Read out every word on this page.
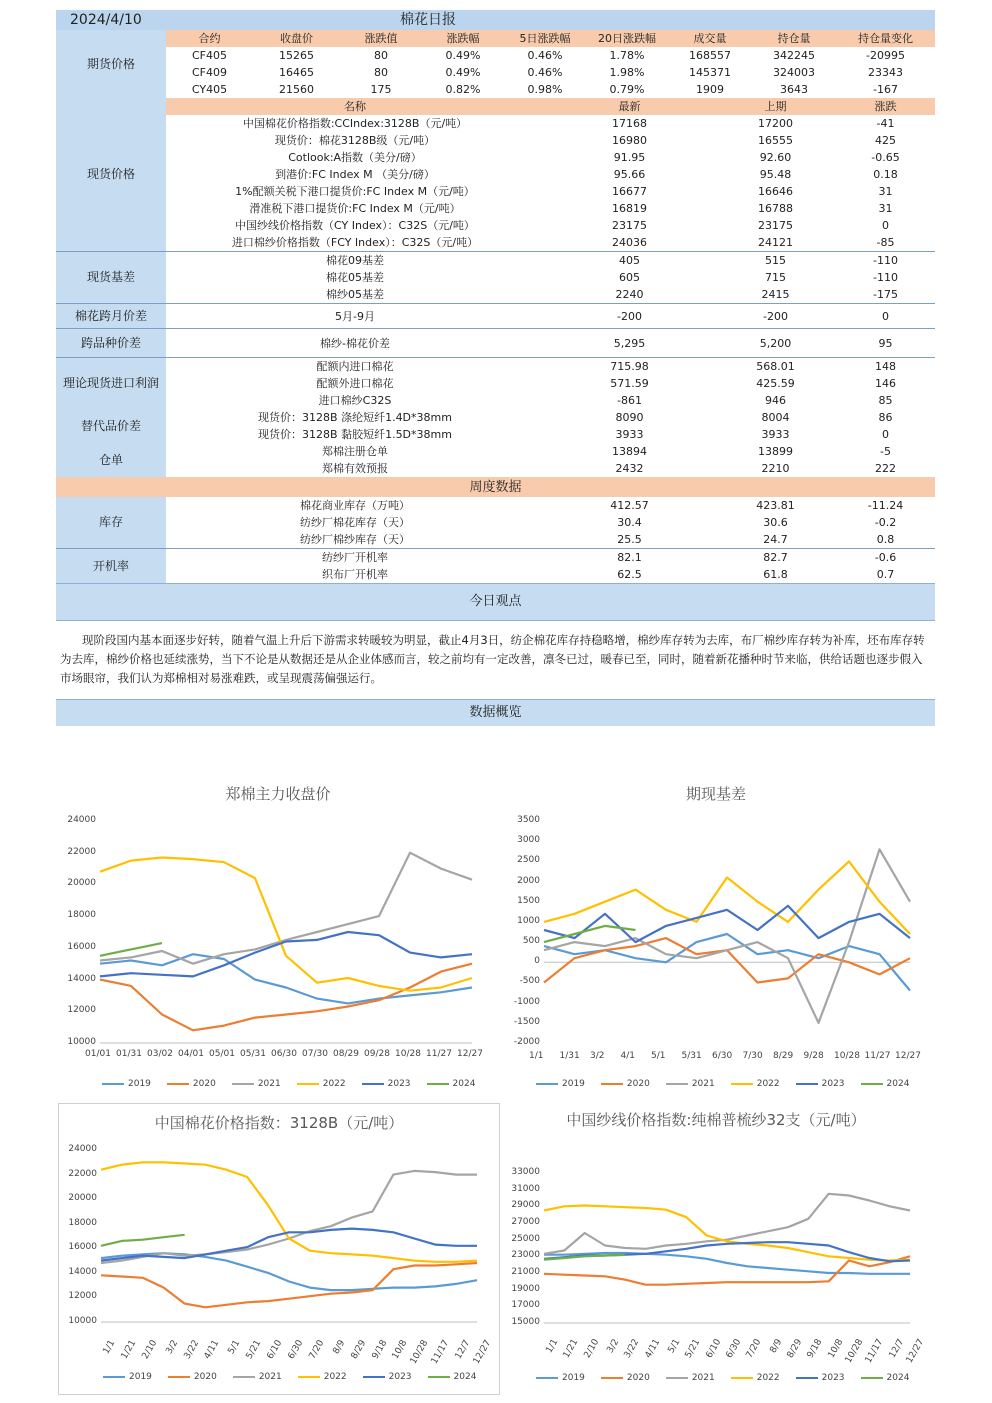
2024/4/10			棉花日报						
期货价格	合约	收盘价	涨跌值	涨跌幅	5日涨跌幅	20日涨跌幅	成交量	持仓量	持仓量变化
	CF405	15265	80	0.49%	0.46%	1.78%	168557	342245	-20995
	CF409	16465	80	0.49%	0.46%	1.98%	145371	324003	23343
	CY405	21560	175	0.82%	0.98%	0.79%	1909	3643	-167
现货价格	名称	最新	上期	涨跌
	中国棉花价格指数:CCIndex:3128B（元/吨）	17168	17200	-41
	现货价：棉花3128B级（元/吨）	16980	16555	425
	Cotlook:A指数（美分/磅）	91.95	92.60	-0.65
	到港价:FC Index M （美分/磅）	95.66	95.48	0.18
	1%配额关税下港口提货价:FC Index M（元/吨）	16677	16646	31
	滑准税下港口提货价:FC Index M（元/吨）	16819	16788	31
	中国纱线价格指数（CY Index）：C32S（元/吨）	23175	23175	0
	进口棉纱价格指数（FCY Index）：C32S（元/吨）	24036	24121	-85
现货基差	棉花09基差	405	515	-110
	棉花05基差	605	715	-110
	棉纱05基差	2240	2415	-175
棉花跨月价差	5月-9月	-200	-200	0
跨品种价差	棉纱-棉花价差	5,295	5,200	95
理论现货进口利润	配额内进口棉花	715.98	568.01	148
	配额外进口棉花	571.59	425.59	146
	进口棉纱C32S	-861	946	85
替代品价差	现货价：3128B 涤纶短纤1.4D*38mm	8090	8004	86
	现货价：3128B 黏胶短纤1.5D*38mm	3933	3933	0
仓单	郑棉注册仓单	13894	13899	-5
	郑棉有效预报	2432	2210	222
周度数据				
库存	棉花商业库存（万吨）	412.57	423.81	-11.24
	纺纱厂棉花库存（天）	30.4	30.6	-0.2
	纺纱厂棉纱库存（天）	25.5	24.7	0.8
开机率	纺纱厂开机率	82.1	82.7	-0.6
	织布厂开机率	62.5	61.8	0.7
今日观点
现阶段国内基本面逐步好转，随着气温上升后下游需求转暖较为明显，截止4月3日，纺企棉花库存持稳略增，棉纱库存转为去库，布厂棉纱库存转为补库，坯布库存转为去库，棉纱价格也延续涨势，当下不论是从数据还是从企业体感而言，较之前均有一定改善，凛冬已过，暖春已至，同时，随着新花播种时节来临，供给话题也逐步假入市场眼帘，我们认为郑棉相对易涨难跌，或呈现震荡偏强运行。
数据概览
郑棉主力收盘价
24000
22000
20000
18000
16000
14000
12000
10000
01/01 01/31 03/02 04/01 05/01 05/31 06/30 07/30 08/29 09/28 10/28 11/27 12/27
2019	2020	2021	2022	2023	2024
期现基差
3500
3000
2500
2000
1500
1000
500
0
-500
-1000
-1500
-2000
1/1 1/31 3/2 4/1 5/1 5/31 6/30 7/30 8/29 9/28 10/28 11/27 12/27
2019	2020	2021	2022	2023	2024
中国棉花价格指数：3128B（元/吨）
24000
22000
20000
18000
16000
14000
12000
10000
1/1 1/21 2/10 3/2 3/22 4/11 5/1 5/21 6/10 6/30 7/20 8/9 8/29 9/18 10/8 10/28 11/17 12/7 12/27
2019	2020	2021	2022	2023	2024
中国纱线价格指数:纯棉普梳纱32支（元/吨）
33000
31000
29000
27000
25000
23000
21000
19000
17000
15000
1/1 1/21 2/10 3/2 3/22 4/11 5/1 5/21 6/10 6/30 7/20 8/9 8/29 9/18 10/8
10/28
11/17 12/7
12/27
2019	2020	2021	2022	2023	2024
